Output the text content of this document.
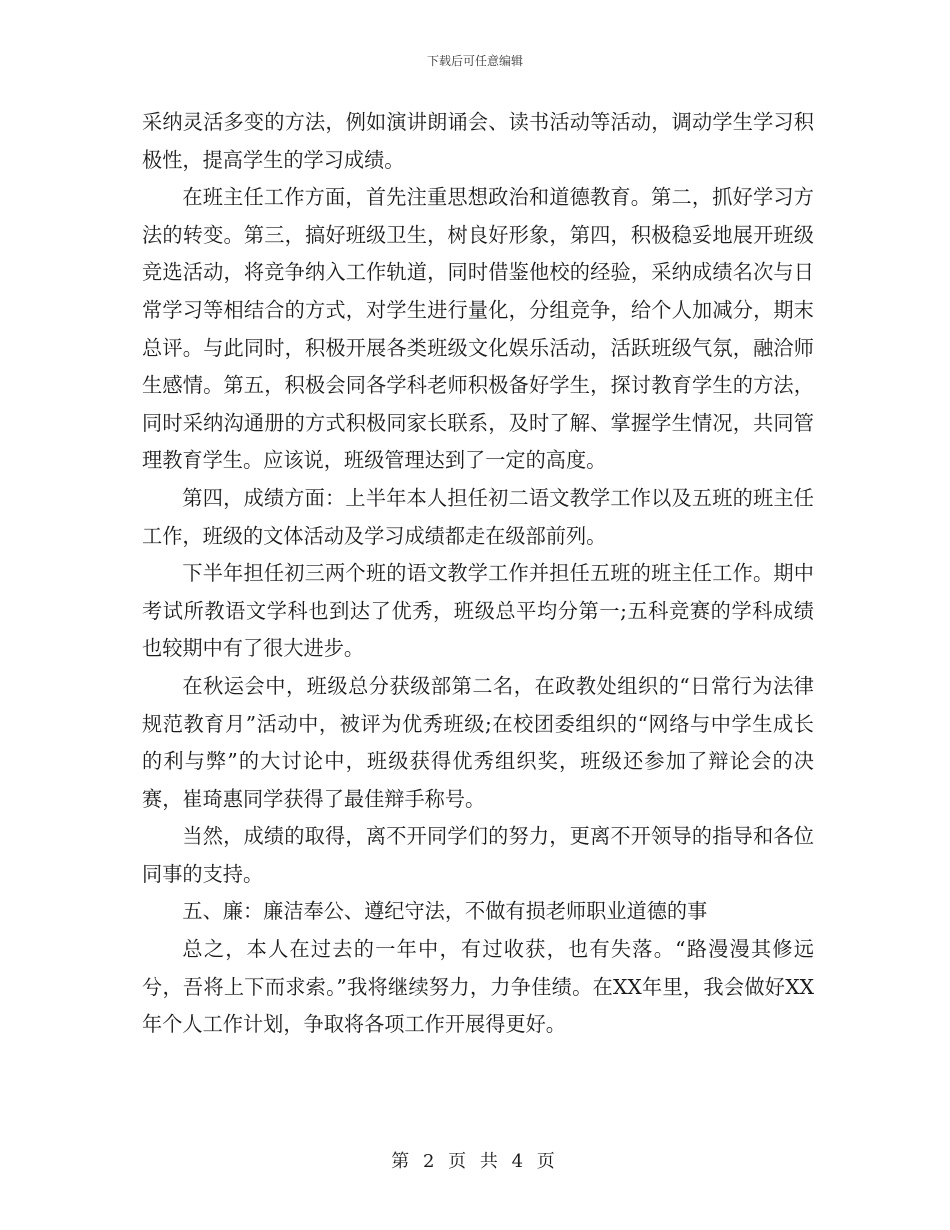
下载后可任意编辑

采纳灵活多变的方法，例如演讲朗诵会、读书活动等活动，调动学生学习积极性，提高学生的学习成绩。

在班主任工作方面，首先注重思想政治和道德教育。第二，抓好学习方法的转变。第三，搞好班级卫生，树良好形象，第四，积极稳妥地展开班级竞选活动，将竞争纳入工作轨道，同时借鉴他校的经验，采纳成绩名次与日常学习等相结合的方式，对学生进行量化，分组竞争，给个人加减分，期末总评。与此同时，积极开展各类班级文化娱乐活动，活跃班级气氛，融洽师生感情。第五，积极会同各学科老师积极备好学生，探讨教育学生的方法，同时采纳沟通册的方式积极同家长联系，及时了解、掌握学生情况，共同管理教育学生。应该说，班级管理达到了一定的高度。

第四，成绩方面：上半年本人担任初二语文教学工作以及五班的班主任工作，班级的文体活动及学习成绩都走在级部前列。

下半年担任初三两个班的语文教学工作并担任五班的班主任工作。期中考试所教语文学科也到达了优秀，班级总平均分第一;五科竞赛的学科成绩也较期中有了很大进步。

在秋运会中，班级总分获级部第二名，在政教处组织的“日常行为法律规范教育月”活动中，被评为优秀班级;在校团委组织的“网络与中学生成长的利与弊”的大讨论中，班级获得优秀组织奖，班级还参加了辩论会的决赛，崔琦惠同学获得了最佳辩手称号。

当然，成绩的取得，离不开同学们的努力，更离不开领导的指导和各位同事的支持。

五、廉：廉洁奉公、遵纪守法，不做有损老师职业道德的事

总之，本人在过去的一年中，有过收获，也有失落。“路漫漫其修远兮，吾将上下而求索。”我将继续努力，力争佳绩。在XX年里，我会做好XX年个人工作计划，争取将各项工作开展得更好。

第 2 页 共 4 页
